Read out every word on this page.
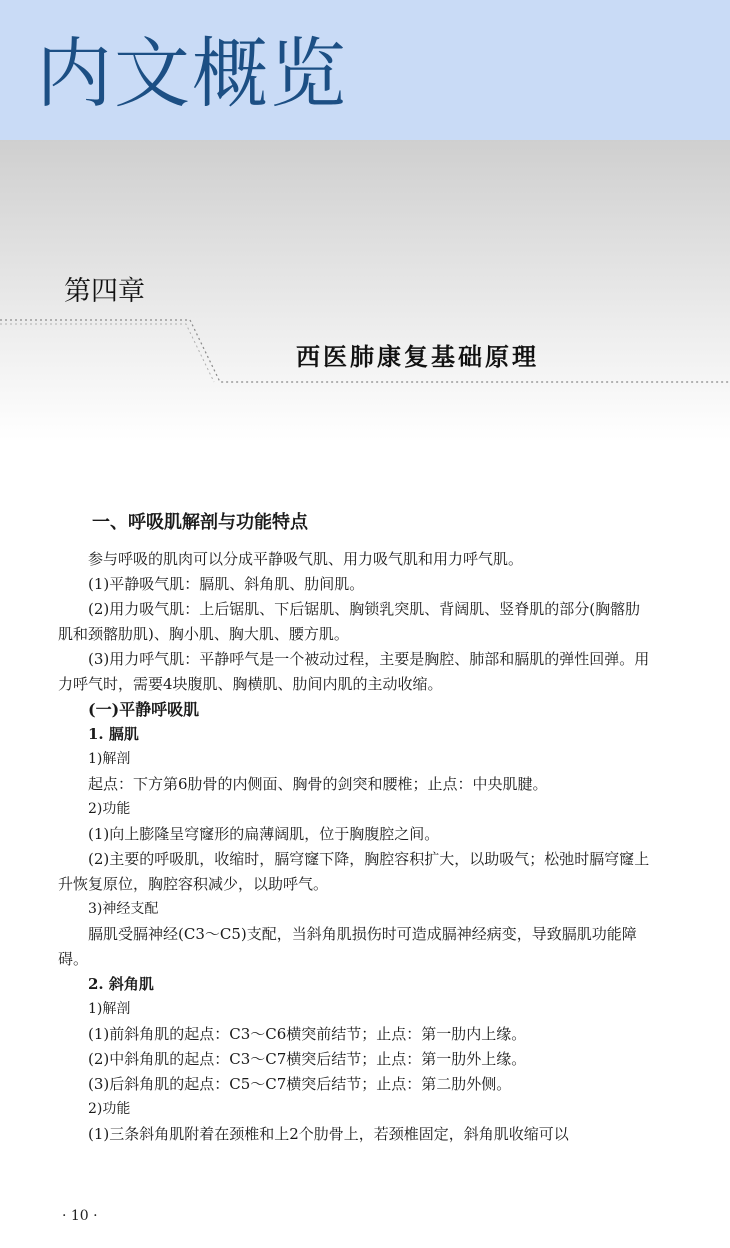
内文概览
第四章
西医肺康复基础原理

一、呼吸肌解剖与功能特点

参与呼吸的肌肉可以分成平静吸气肌、用力吸气肌和用力呼气肌。

(1)平静吸气肌：膈肌、斜角肌、肋间肌。

(2)用力吸气肌：上后锯肌、下后锯肌、胸锁乳突肌、背阔肌、竖脊肌的部分(胸髂肋肌和颈髂肋肌)、胸小肌、胸大肌、腰方肌。

(3)用力呼气肌：平静呼气是一个被动过程，主要是胸腔、肺部和膈肌的弹性回弹。用力呼气时，需要4块腹肌、胸横肌、肋间内肌的主动收缩。

(一)平静呼吸肌

1. 膈肌

1)解剖

起点：下方第6肋骨的内侧面、胸骨的剑突和腰椎；止点：中央肌腱。

2)功能

(1)向上膨隆呈穹窿形的扁薄阔肌，位于胸腹腔之间。

(2)主要的呼吸肌，收缩时，膈穹窿下降，胸腔容积扩大，以助吸气；松弛时膈穹窿上升恢复原位，胸腔容积减少，以助呼气。

3)神经支配

膈肌受膈神经(C3～C5)支配，当斜角肌损伤时可造成膈神经病变，导致膈肌功能障碍。

2. 斜角肌

1)解剖

(1)前斜角肌的起点：C3～C6横突前结节；止点：第一肋内上缘。

(2)中斜角肌的起点：C3～C7横突后结节；止点：第一肋外上缘。

(3)后斜角肌的起点：C5～C7横突后结节；止点：第二肋外侧。

2)功能

(1)三条斜角肌附着在颈椎和上2个肋骨上，若颈椎固定，斜角肌收缩可以

· 10 ·
